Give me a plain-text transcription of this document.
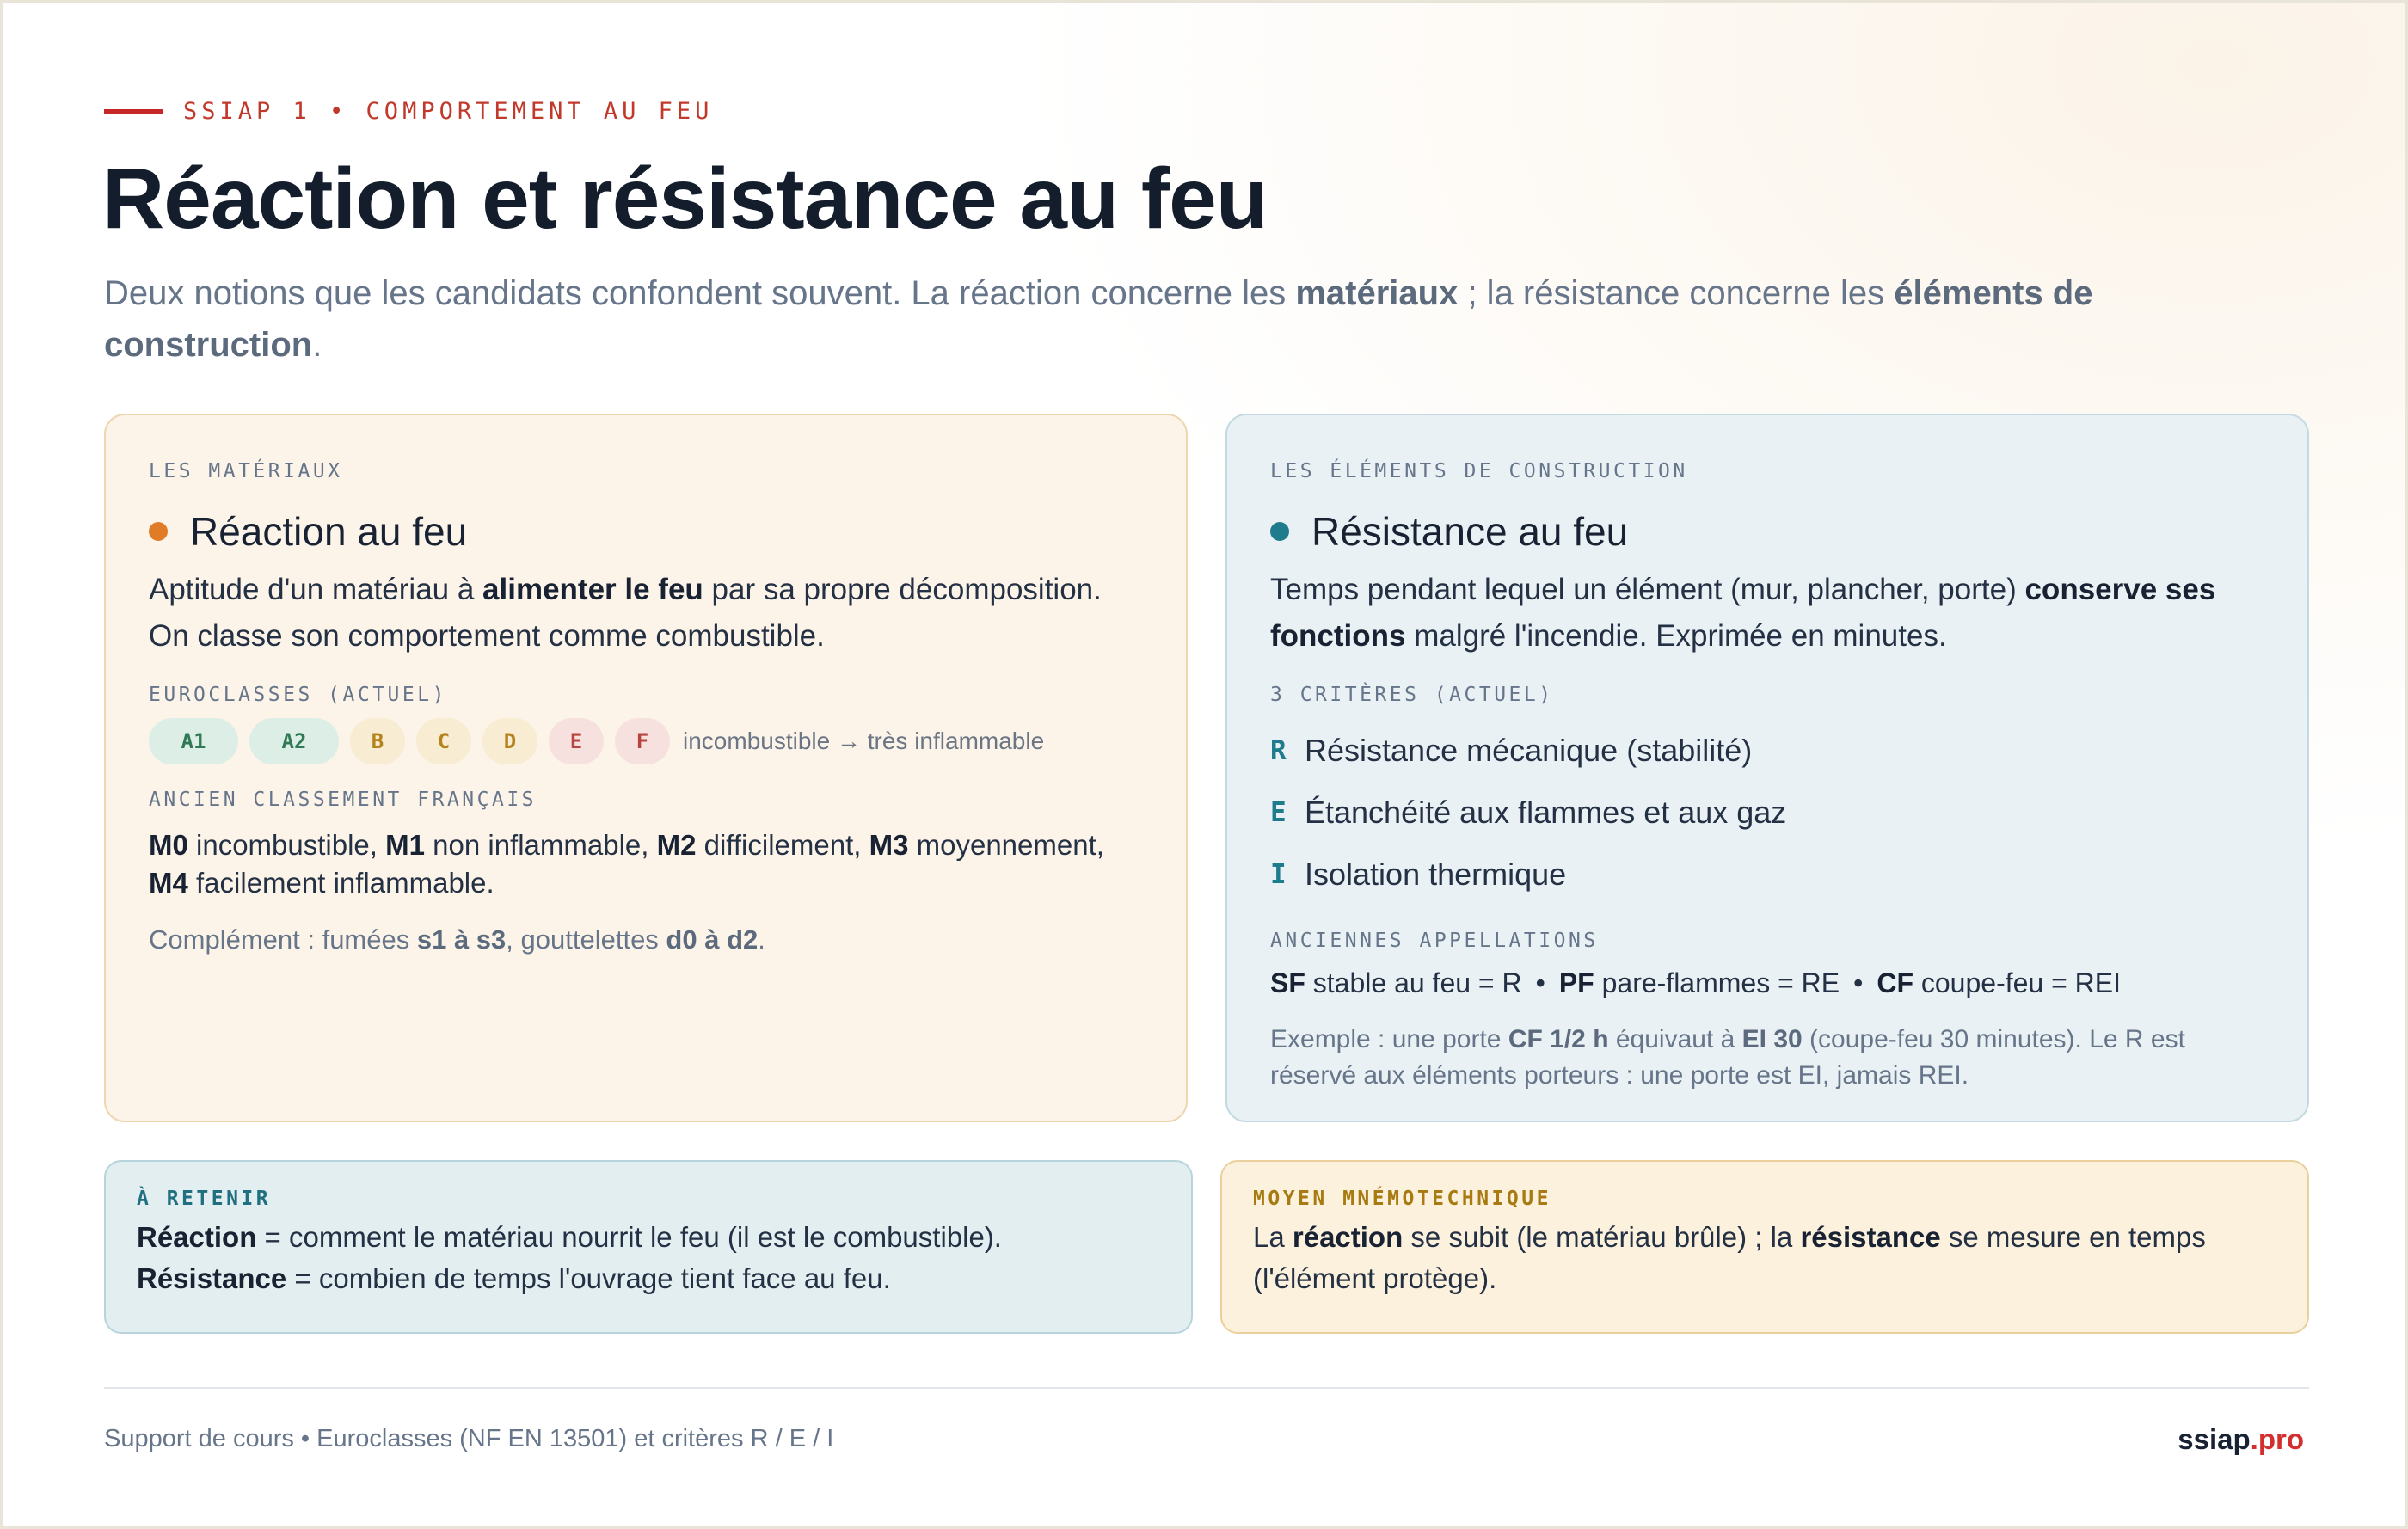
SSIAP 1 • COMPORTEMENT AU FEU
Réaction et résistance au feu

Deux notions que les candidats confondent souvent. La réaction concerne les matériaux ; la résistance concerne les éléments de construction.

LES MATÉRIAUX
Réaction au feu

Aptitude d'un matériau à alimenter le feu par sa propre décomposition. On classe son comportement comme combustible.

EUROCLASSES (ACTUEL)
A1	A2	B	C	D	E	F	incombustible → très inflammable
ANCIEN CLASSEMENT FRANÇAIS

M0 incombustible, M1 non inflammable, M2 difficilement, M3 moyennement, M4 facilement inflammable.

Complément : fumées s1 à s3, gouttelettes d0 à d2.

LES ÉLÉMENTS DE CONSTRUCTION
Résistance au feu

Temps pendant lequel un élément (mur, plancher, porte) conserve ses fonctions malgré l'incendie. Exprimée en minutes.

3 CRITÈRES (ACTUEL)
R Résistance mécanique (stabilité)
E Étanchéité aux flammes et aux gaz
I Isolation thermique
ANCIENNES APPELLATIONS

SF stable au feu = R • PF pare-flammes = RE • CF coupe-feu = REI

Exemple : une porte CF 1/2 h équivaut à EI 30 (coupe-feu 30 minutes). Le R est réservé aux éléments porteurs : une porte est EI, jamais REI.

À RETENIR

Réaction = comment le matériau nourrit le feu (il est le combustible).
Résistance = combien de temps l'ouvrage tient face au feu.

MOYEN MNÉMOTECHNIQUE

La réaction se subit (le matériau brûle) ; la résistance se mesure en temps (l'élément protège).

Support de cours • Euroclasses (NF EN 13501) et critères R / E / I	ssiap.pro
